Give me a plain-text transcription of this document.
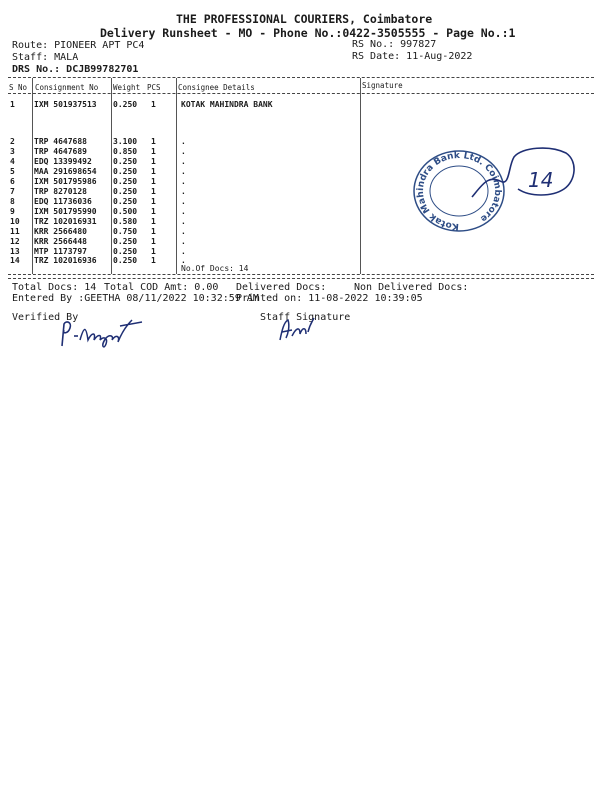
THE PROFESSIONAL COURIERS, Coimbatore
Delivery Runsheet - MO - Phone No.:0422-3505555 - Page No.:1
Route: PIONEER APT PC4
Staff: MALA
DRS No.: DCJB99782701
RS No.: 997827
RS Date: 11-Aug-2022
S No Consignment No Weight PCS Consignee Details	Signature
1 IXM 501937513 0.250 1	KOTAK MAHINDRA BANK
2 TRP 4647688	3.100 1	.
3 TRP 4647689	0.850 1	.
4 EDQ 13399492	0.250 1	.
5 MAA 291698654 0.250 1	.
6 IXM 501795986 0.250 1	.
7 TRP 8270128	0.250 1	.
8 EDQ 11736036	0.250 1	.
9 IXM 501795990 0.500 1	.
10 TRZ 102016931 0.580 1	.
11 KRR 2566480	0.750 1	.
12 KRR 2566448	0.250 1	.
13 MTP 1173797	0.250 1	.
14 TRZ 102016936 0.250 1	.
No.Of Docs: 14
Kotak Mahindra Bank Ltd. Coimbatore
14
Total Docs: 14 Total COD Amt: 0.00 Delivered Docs:	Non Delivered Docs:
Entered By :GEETHA 08/11/2022 10:32:59 AM
Printed on: 11-08-2022 10:39:05
Verified By	Staff Signature
